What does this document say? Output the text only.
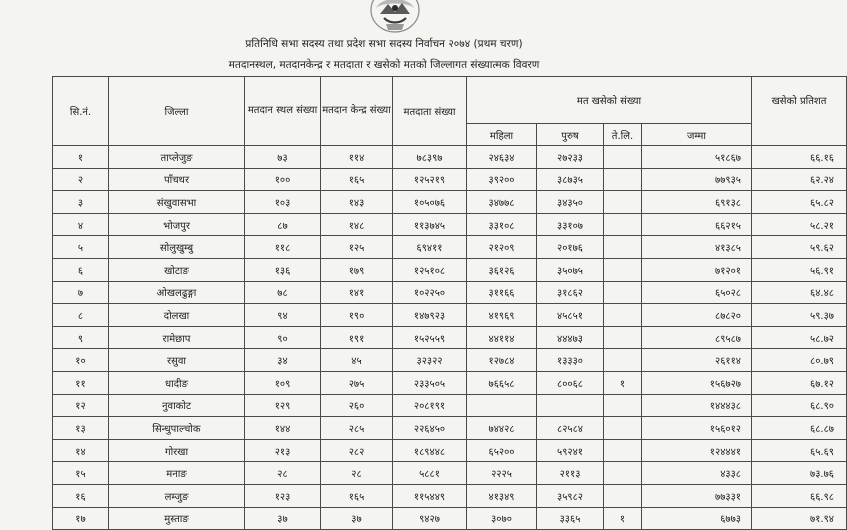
प्रतिनिधि सभा सदस्य तथा प्रदेश सभा सदस्य निर्वाचन २०७४ (प्रथम चरण)
मतदानस्थल, मतदानकेन्द्र र मतदाता र खसेको मतको जिल्लागत संख्यात्मक विवरण
सि.नं.	जिल्ला	मतदान स्थल संख्या	मतदान केन्द्र संख्या	मतदाता संख्या	मत खसेको संख्या				खसेको प्रतिशत
					महिला	पुरुष	ते.लि.	जम्मा	
१	ताप्लेजुङ	७३	११४	७८३९७	२४६३४	२७२३३		५१८६७	६६.१६
२	पाँचथर	१००	१६५	१२५२१९	३९२००	३८७३५		७७९३५	६२.२४
३	संखुवासभा	१०३	१४३	१०५०७६	३४७७८	३४३५०		६९१३८	६५.८२
४	भोजपुर	८७	१४८	११३७४५	३३१०८	३३१०७		६६२१५	५८.२१
५	सोलुखुम्बु	११८	१२५	६९४११	२१२०९	२०१७६		४१३८५	५९.६२
६	खोटाङ	१३६	१७९	१२५१०८	३६१२६	३५०७५		७१२०१	५६.९१
७	ओखलढुङ्गा	७८	१४१	१०२२५०	३११६६	३१८६२		६५०२८	६४.४८
८	दोलखा	९४	१९०	१४७९२३	४१९६९	४५८५१		८७८२०	५९.३७
९	रामेछाप	९०	१९१	१५२५५९	४४११४	४४४७३		८९५८७	५८.७२
१०	रसुवा	३४	४५	३२३२२	१२७८४	१३३३०		२६११४	८०.७९
११	धादीङ	१०९	२७५	२३३५०५	७६६५८	८००६८	१	१५६७२७	६७.१२
१२	नुवाकोट	१२९	२६०	२०८१९१				१४४४३८	६८.९०
१३	सिन्धुपाल्चोक	१४४	२८५	२२६४५०	७४४२८	८२५८४		१५६०१२	६८.८७
१४	गोरखा	२१३	२८२	१८९४४८	६५२००	५९२४१		१२४४४१	६५.६९
१५	मनाङ	२८	२८	५८८१	२२२५	२११३		४३३८	७३.७६
१६	लम्जुङ	१२३	१६५	११५४४९	४१३४९	३५९८२		७७३३१	६६.९८
१७	मुस्ताङ	३७	३७	९४२७	३०७०	३३६५	१	६७७३	७१.९४
